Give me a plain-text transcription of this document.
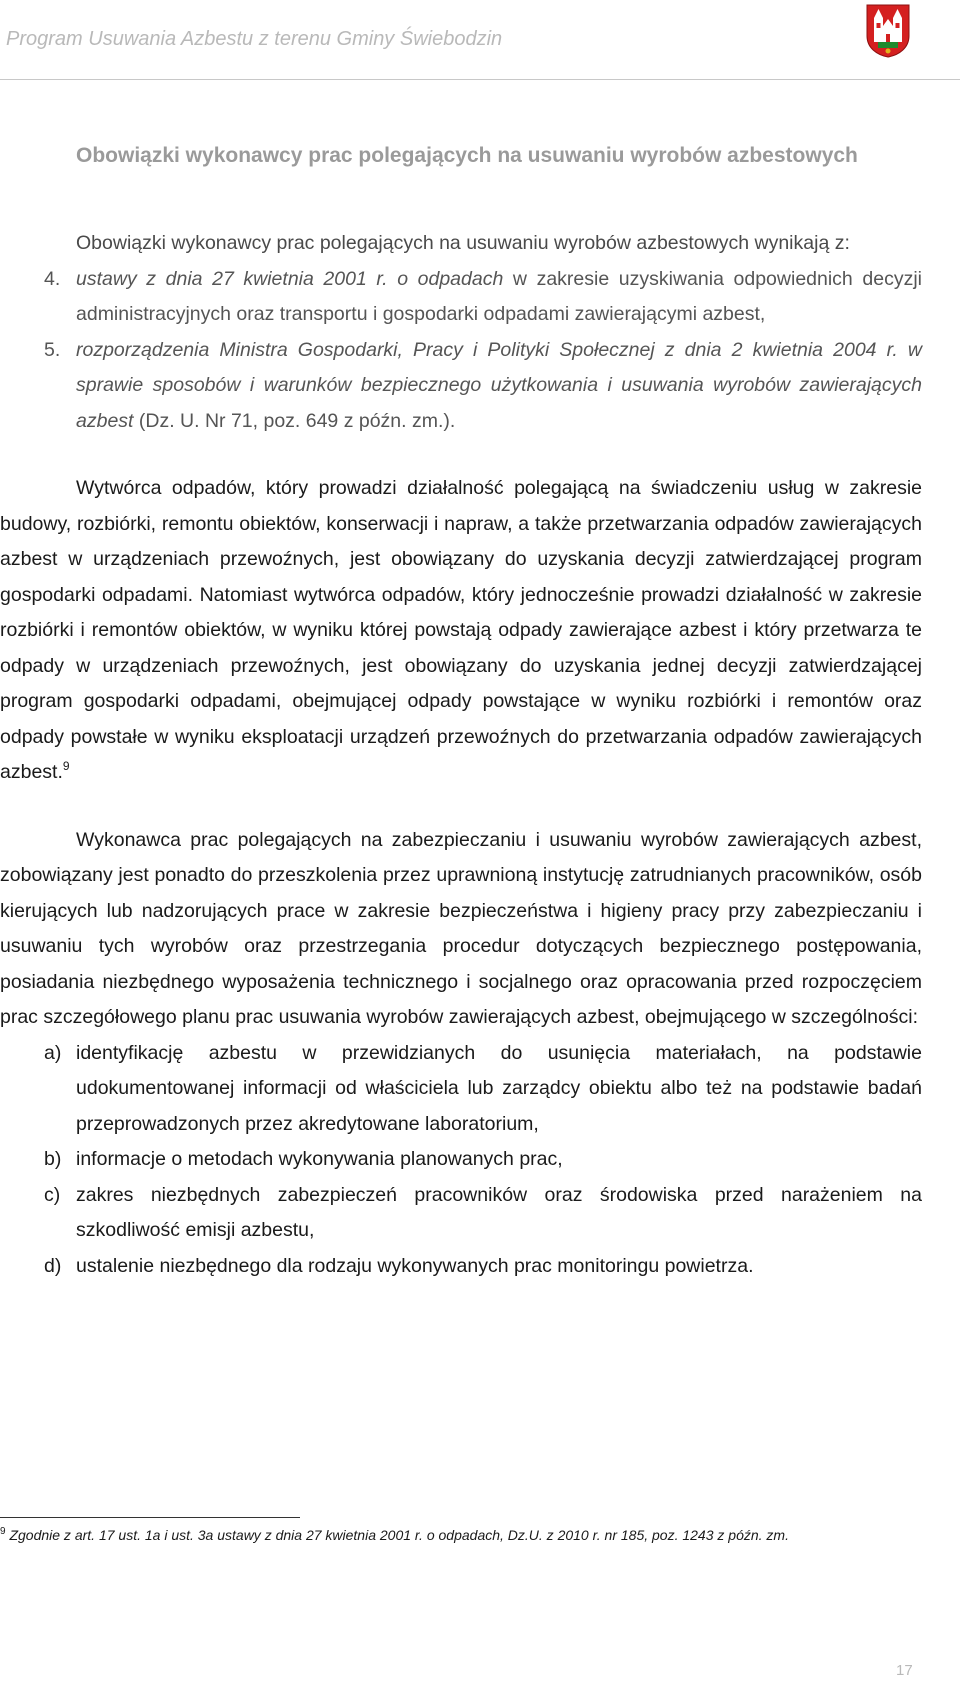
Program Usuwania Azbestu z terenu Gminy Świebodzin
Obowiązki wykonawcy prac polegających na usuwaniu wyrobów azbestowych

Obowiązki wykonawcy prac polegających na usuwaniu wyrobów azbestowych wynikają z:

4. ustawy z dnia 27 kwietnia 2001 r. o odpadach w zakresie uzyskiwania odpowiednich decyzji administracyjnych oraz transportu i gospodarki odpadami zawierającymi azbest,
5. rozporządzenia Ministra Gospodarki, Pracy i Polityki Społecznej z dnia 2 kwietnia 2004 r. w sprawie sposobów i warunków bezpiecznego użytkowania i usuwania wyrobów zawierających azbest (Dz. U. Nr 71, poz. 649 z późn. zm.).

Wytwórca odpadów, który prowadzi działalność polegającą na świadczeniu usług w zakresie budowy, rozbiórki, remontu obiektów, konserwacji i napraw, a także przetwarzania odpadów zawierających azbest w urządzeniach przewoźnych, jest obowiązany do uzyskania decyzji zatwierdzającej program gospodarki odpadami. Natomiast wytwórca odpadów, który jednocześnie prowadzi działalność w zakresie rozbiórki i remontów obiektów, w wyniku której powstają odpady zawierające azbest i który przetwarza te odpady w urządzeniach przewoźnych, jest obowiązany do uzyskania jednej decyzji zatwierdzającej program gospodarki odpadami, obejmującej odpady powstające w wyniku rozbiórki i remontów oraz odpady powstałe w wyniku eksploatacji urządzeń przewoźnych do przetwarzania odpadów zawierających azbest.$^9$

Wykonawca prac polegających na zabezpieczaniu i usuwaniu wyrobów zawierających azbest, zobowiązany jest ponadto do przeszkolenia przez uprawnioną instytucję zatrudnianych pracowników, osób kierujących lub nadzorujących prace w zakresie bezpieczeństwa i higieny pracy przy zabezpieczaniu i usuwaniu tych wyrobów oraz przestrzegania procedur dotyczących bezpiecznego postępowania, posiadania niezbędnego wyposażenia technicznego i socjalnego oraz opracowania przed rozpoczęciem prac szczegółowego planu prac usuwania wyrobów zawierających azbest, obejmującego w szczególności:

a) identyfikację azbestu w przewidzianych do usunięcia materiałach, na podstawie udokumentowanej informacji od właściciela lub zarządcy obiektu albo też na podstawie badań przeprowadzonych przez akredytowane laboratorium,
b) informacje o metodach wykonywania planowanych prac,
c) zakres niezbędnych zabezpieczeń pracowników oraz środowiska przed narażeniem na szkodliwość emisji azbestu,
d) ustalenie niezbędnego dla rodzaju wykonywanych prac monitoringu powietrza.
$^9$ Zgodnie z art. 17 ust. 1a i ust. 3a ustawy z dnia 27 kwietnia 2001 r. o odpadach, Dz.U. z 2010 r. nr 185, poz. 1243 z późn. zm.
17
